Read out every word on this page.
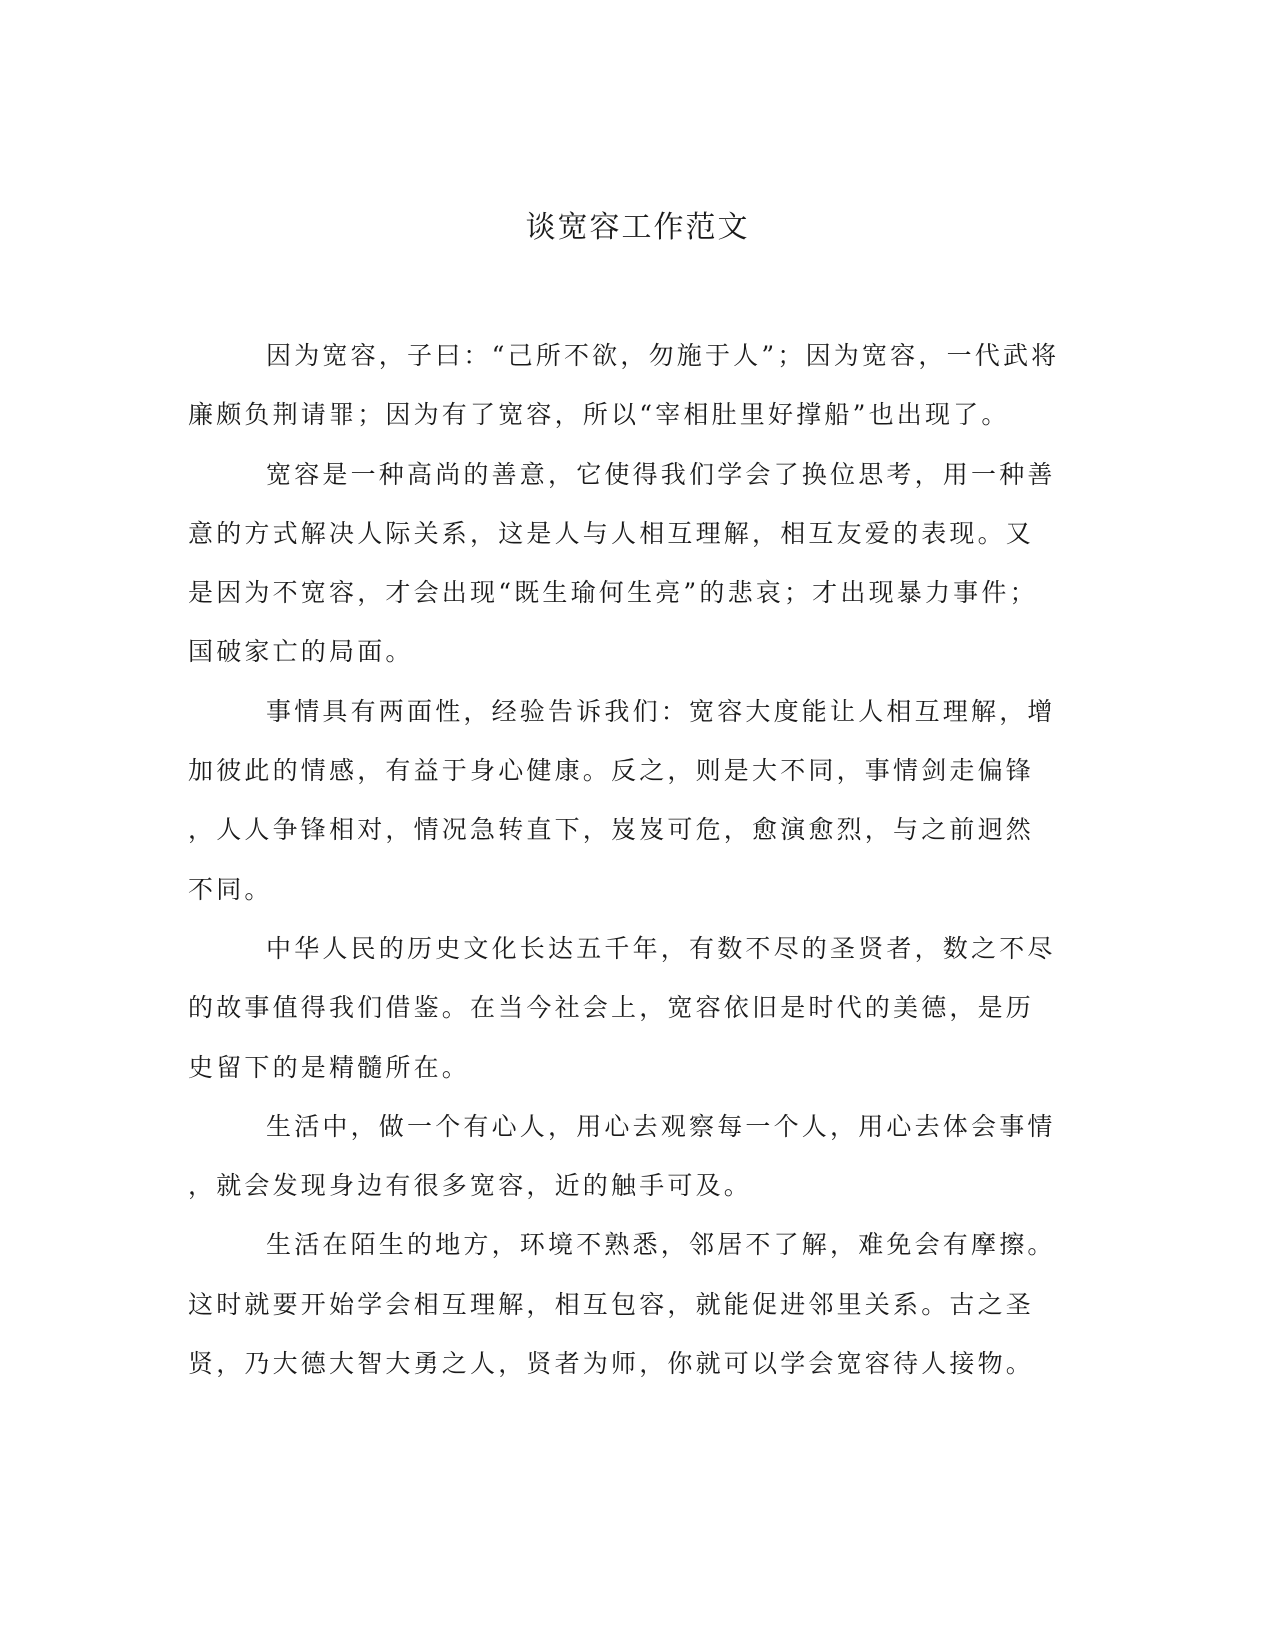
谈宽容工作范文
因为宽容，子曰：“己所不欲，勿施于人”；因为宽容，一代武将
廉颇负荆请罪；因为有了宽容，所以“宰相肚里好撑船”也出现了。
宽容是一种高尚的善意，它使得我们学会了换位思考，用一种善
意的方式解决人际关系，这是人与人相互理解，相互友爱的表现。又
是因为不宽容，才会出现“既生瑜何生亮”的悲哀；才出现暴力事件；
国破家亡的局面。
事情具有两面性，经验告诉我们：宽容大度能让人相互理解，增
加彼此的情感，有益于身心健康。反之，则是大不同，事情剑走偏锋
，人人争锋相对，情况急转直下，岌岌可危，愈演愈烈，与之前迥然
不同。
中华人民的历史文化长达五千年，有数不尽的圣贤者，数之不尽
的故事值得我们借鉴。在当今社会上，宽容依旧是时代的美德，是历
史留下的是精髓所在。
生活中，做一个有心人，用心去观察每一个人，用心去体会事情
，就会发现身边有很多宽容，近的触手可及。
生活在陌生的地方，环境不熟悉，邻居不了解，难免会有摩擦。
这时就要开始学会相互理解，相互包容，就能促进邻里关系。古之圣
贤，乃大德大智大勇之人，贤者为师，你就可以学会宽容待人接物。
